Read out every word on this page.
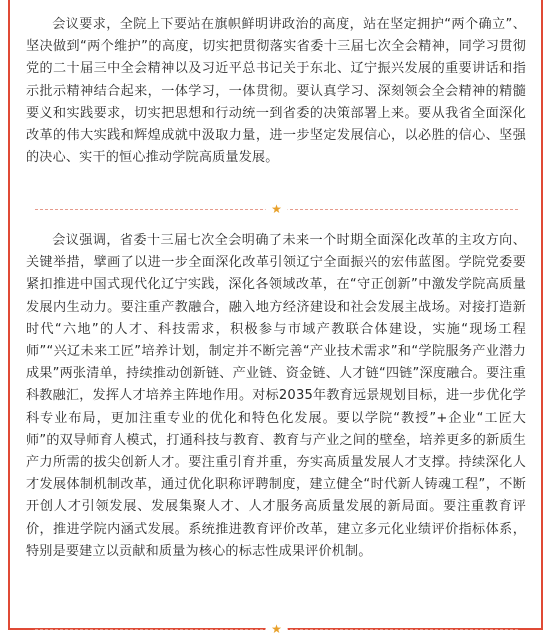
会议要求，全院上下要站在旗帜鲜明讲政治的高度，站在坚定拥护“两个确立”、坚决做到“两个维护”的高度，切实把贯彻落实省委十三届七次全会精神，同学习贯彻党的二十届三中全会精神以及习近平总书记关于东北、辽宁振兴发展的重要讲话和指示批示精神结合起来，一体学习，一体贯彻。要认真学习、深刻领会全会精神的精髓要义和实践要求，切实把思想和行动统一到省委的决策部署上来。要从我省全面深化改革的伟大实践和辉煌成就中汲取力量，进一步坚定发展信心，以必胜的信心、坚强的决心、实干的恒心推动学院高质量发展。

★

会议强调，省委十三届七次全会明确了未来一个时期全面深化改革的主攻方向、关键举措，擘画了以进一步全面深化改革引领辽宁全面振兴的宏伟蓝图。学院党委要紧扣推进中国式现代化辽宁实践，深化各领域改革，在“守正创新”中激发学院高质量发展内生动力。要注重产教融合，融入地方经济建设和社会发展主战场。对接打造新时代“六地”的人才、科技需求，积极参与市域产教联合体建设，实施“现场工程师”“兴辽未来工匠”培养计划，制定并不断完善“产业技术需求”和“学院服务产业潜力成果”两张清单，持续推动创新链、产业链、资金链、人才链“四链”深度融合。要注重科教融汇，发挥人才培养主阵地作用。对标2035年教育远景规划目标，进一步优化学科专业布局，更加注重专业的优化和特色化发展。要以学院“教授”+企业“工匠大师”的双导师育人模式，打通科技与教育、教育与产业之间的壁垒，培养更多的新质生产力所需的拔尖创新人才。要注重引育并重，夯实高质量发展人才支撑。持续深化人才发展体制机制改革，通过优化职称评聘制度，建立健全“时代新人铸魂工程”，不断开创人才引领发展、发展集聚人才、人才服务高质量发展的新局面。要注重教育评价，推进学院内涵式发展。系统推进教育评价改革，建立多元化业绩评价指标体系，特别是要建立以贡献和质量为核心的标志性成果评价机制。

★
